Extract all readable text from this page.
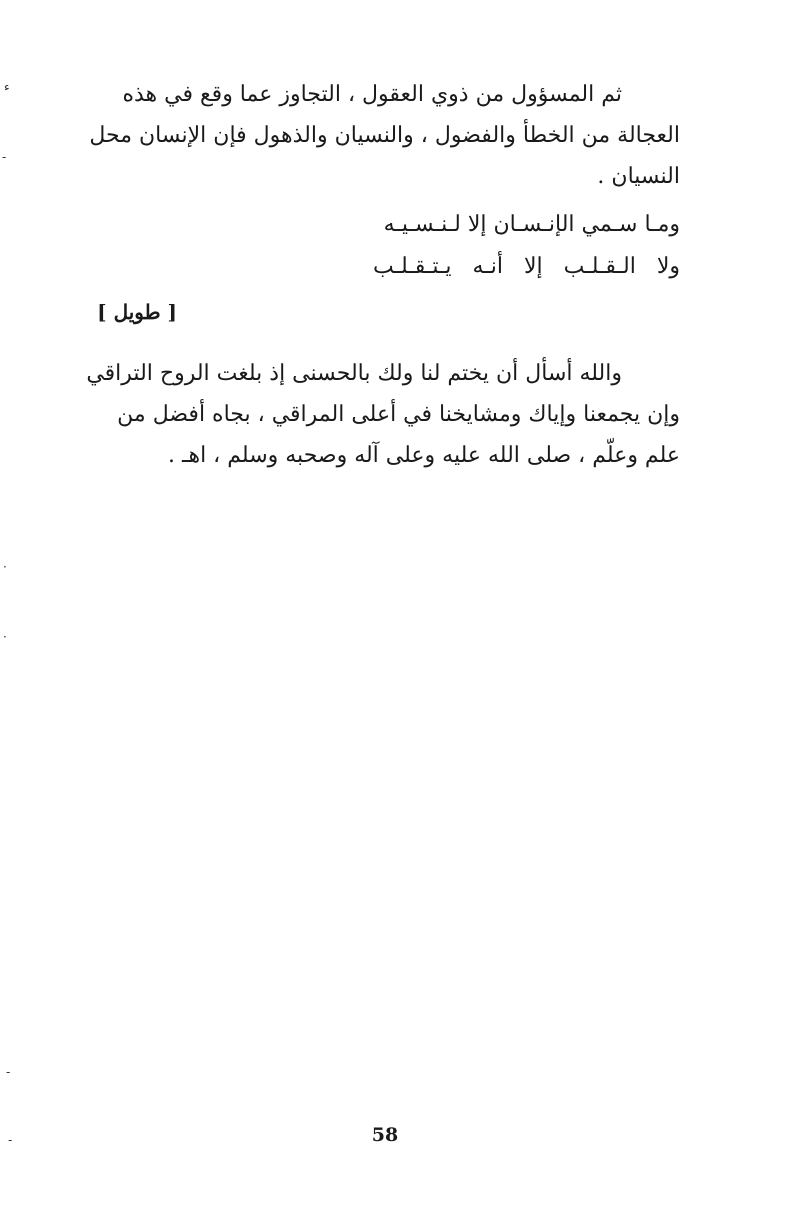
ء
-
·
·
-
-
ثم المسؤول من ذوي العقول ، التجاوز عما وقع في هذه
العجالة من الخطأ والفضول ، والنسيان والذهول فإن الإنسان محل
النسيان .
ومـا سـمي الإنـسـان إلا لـنـسـيـه
ولا الـقـلـب إلا أنـه يـتـقـلـب
[ طويل ]
والله أسأل أن يختم لنا ولك بالحسنى إذ بلغت الروح التراقي
وإن يجمعنا وإياك ومشايخنا في أعلى المراقي ، بجاه أفضل من
علم وعلّم ، صلى الله عليه وعلى آله وصحبه وسلم ، اهـ .
58
